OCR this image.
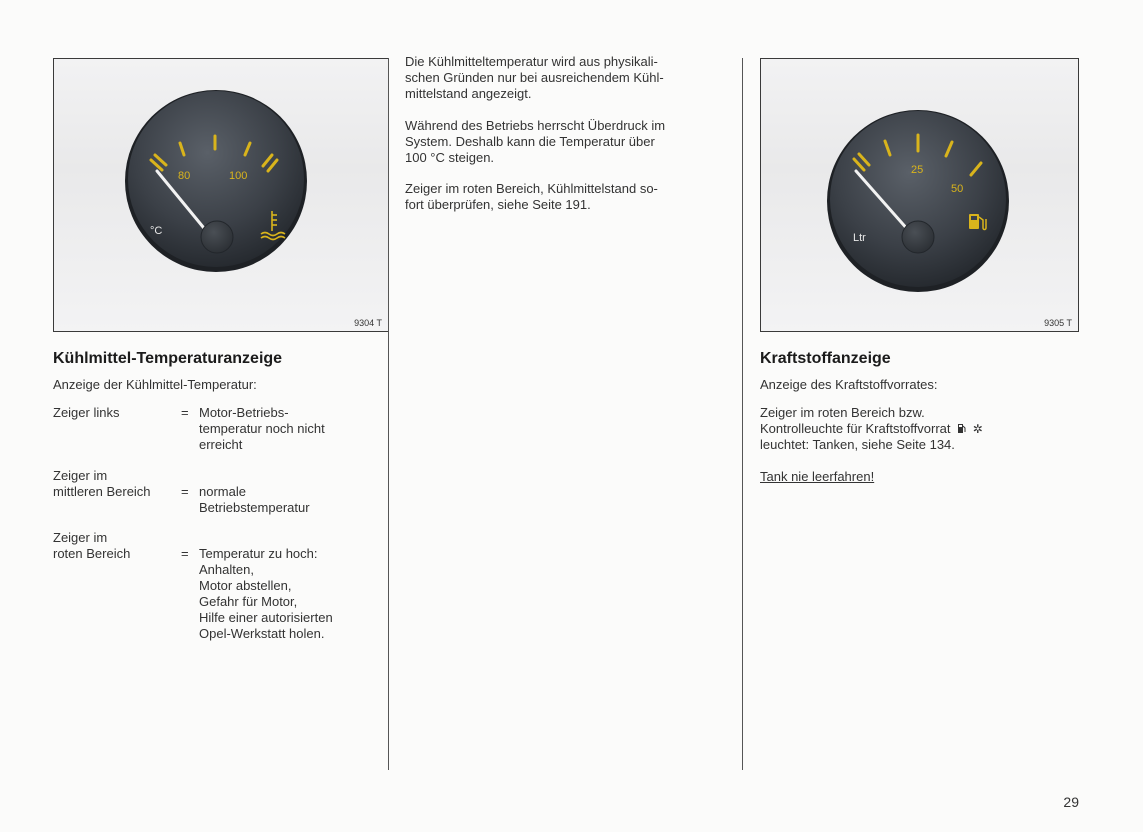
80	100
°C
9304 T
25
50
Ltr
9305 T
Kühlmittel-Temperaturanzeige
Anzeige der Kühlmittel-Temperatur:
Zeiger links	= Motor-Betriebs-
temperatur noch nicht
erreicht
Zeiger im
mittleren Bereich	= normale
Betriebstemperatur
Zeiger im
roten Bereich	= Temperatur zu hoch:
Anhalten,
Motor abstellen,
Gefahr für Motor,
Hilfe einer autorisierten
Opel-Werkstatt holen.
Die Kühlmitteltemperatur wird aus physikali-
schen Gründen nur bei ausreichendem Kühl-
mittelstand angezeigt.
Während des Betriebs herrscht Überdruck im
System. Deshalb kann die Temperatur über
100 °C steigen.
Zeiger im roten Bereich, Kühlmittelstand so-
fort überprüfen, siehe Seite 191.
Kraftstoffanzeige
Anzeige des Kraftstoffvorrates:
Zeiger im roten Bereich bzw.
Kontrolleuchte für Kraftstoffvorrat ✲
leuchtet: Tanken, siehe Seite 134.
Tank nie leerfahren!
29
